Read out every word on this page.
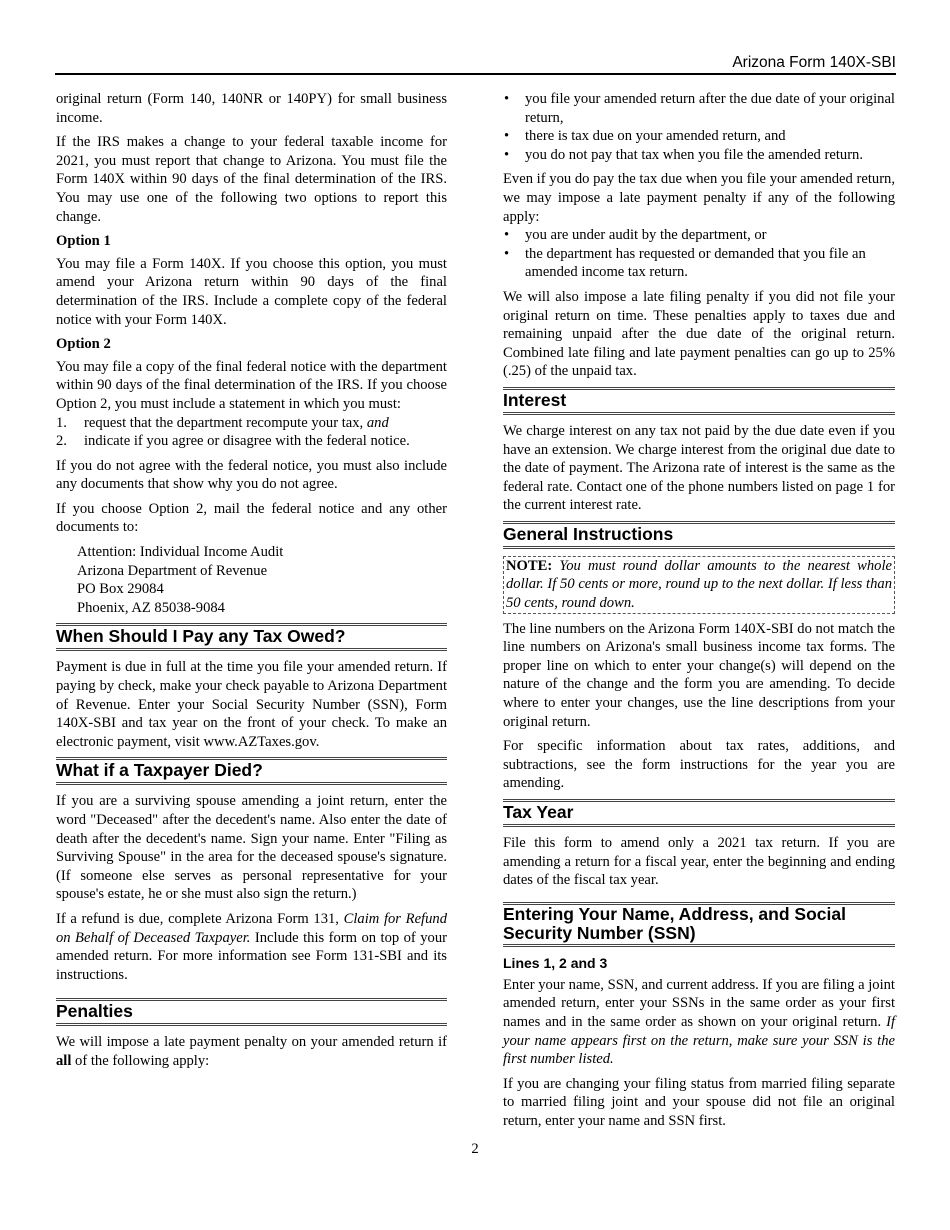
Arizona Form 140X-SBI

original return (Form 140, 140NR or 140PY) for small business income.

If the IRS makes a change to your federal taxable income for 2021, you must report that change to Arizona. You must file the Form 140X within 90 days of the final determination of the IRS. You may use one of the following two options to report this change.

Option 1

You may file a Form 140X. If you choose this option, you must amend your Arizona return within 90 days of the final determination of the IRS. Include a complete copy of the federal notice with your Form 140X.

Option 2

You may file a copy of the final federal notice with the department within 90 days of the final determination of the IRS. If you choose Option 2, you must include a statement in which you must:

1. request that the department recompute your tax, and
2. indicate if you agree or disagree with the federal notice.

If you do not agree with the federal notice, you must also include any documents that show why you do not agree.

If you choose Option 2, mail the federal notice and any other documents to:

Attention: Individual Income Audit
Arizona Department of Revenue
PO Box 29084
Phoenix, AZ 85038-9084
When Should I Pay any Tax Owed?

Payment is due in full at the time you file your amended return. If paying by check, make your check payable to Arizona Department of Revenue. Enter your Social Security Number (SSN), Form 140X-SBI and tax year on the front of your check. To make an electronic payment, visit www.AZTaxes.gov.

What if a Taxpayer Died?

If you are a surviving spouse amending a joint return, enter the word "Deceased" after the decedent's name. Also enter the date of death after the decedent's name. Sign your name. Enter "Filing as Surviving Spouse" in the area for the deceased spouse's signature. (If someone else serves as personal representative for your spouse's estate, he or she must also sign the return.)

If a refund is due, complete Arizona Form 131, Claim for Refund on Behalf of Deceased Taxpayer. Include this form on top of your amended return. For more information see Form 131-SBI and its instructions.

Penalties

We will impose a late payment penalty on your amended return if all of the following apply:

• you file your amended return after the due date of your original return,
• there is tax due on your amended return, and
• you do not pay that tax when you file the amended return.

Even if you do pay the tax due when you file your amended return, we may impose a late payment penalty if any of the following apply:

• you are under audit by the department, or
• the department has requested or demanded that you file an amended income tax return.

We will also impose a late filing penalty if you did not file your original return on time. These penalties apply to taxes due and remaining unpaid after the due date of the original return. Combined late filing and late payment penalties can go up to 25% (.25) of the unpaid tax.

Interest

We charge interest on any tax not paid by the due date even if you have an extension. We charge interest from the original due date to the date of payment. The Arizona rate of interest is the same as the federal rate. Contact one of the phone numbers listed on page 1 for the current interest rate.

General Instructions
NOTE: You must round dollar amounts to the nearest whole dollar. If 50 cents or more, round up to the next dollar. If less than 50 cents, round down.

The line numbers on the Arizona Form 140X-SBI do not match the line numbers on Arizona's small business income tax forms. The proper line on which to enter your change(s) will depend on the nature of the change and the form you are amending. To decide where to enter your changes, use the line descriptions from your original return.

For specific information about tax rates, additions, and subtractions, see the form instructions for the year you are amending.

Tax Year

File this form to amend only a 2021 tax return. If you are amending a return for a fiscal year, enter the beginning and ending dates of the fiscal tax year.

Entering Your Name, Address, and Social Security Number (SSN)
Lines 1, 2 and 3

Enter your name, SSN, and current address. If you are filing a joint amended return, enter your SSNs in the same order as your first names and in the same order as shown on your original return. If your name appears first on the return, make sure your SSN is the first number listed.

If you are changing your filing status from married filing separate to married filing joint and your spouse did not file an original return, enter your name and SSN first.

2
